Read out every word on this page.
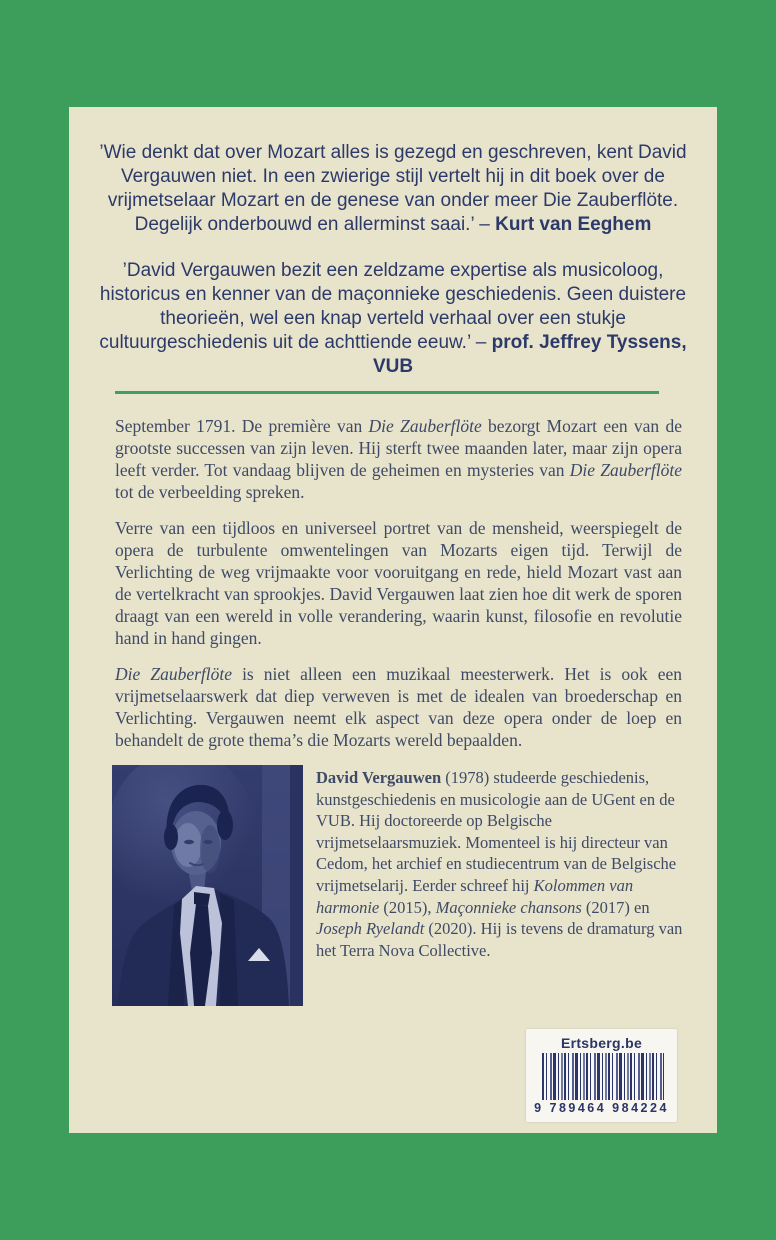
’Wie denkt dat over Mozart alles is gezegd en geschreven, kent David Vergauwen niet. In een zwierige stijl vertelt hij in dit boek over de vrijmetselaar Mozart en de genese van onder meer Die Zauberflöte. Degelijk onderbouwd en allerminst saai.’ – Kurt van Eeghem

’David Vergauwen bezit een zeldzame expertise als musicoloog, historicus en kenner van de maçonnieke geschiedenis. Geen duistere theorieën, wel een knap verteld verhaal over een stukje cultuurgeschiedenis uit de achttiende eeuw.’ – prof. Jeffrey Tyssens, VUB

September 1791. De première van Die Zauberflöte bezorgt Mozart een van de grootste successen van zijn leven. Hij sterft twee maanden later, maar zijn opera leeft verder. Tot vandaag blijven de geheimen en mysteries van Die Zauberflöte tot de verbeelding spreken.

Verre van een tijdloos en universeel portret van de mensheid, weerspiegelt de opera de turbulente omwentelingen van Mozarts eigen tijd. Terwijl de Verlichting de weg vrijmaakte voor vooruitgang en rede, hield Mozart vast aan de vertelkracht van sprookjes. David Vergauwen laat zien hoe dit werk de sporen draagt van een wereld in volle verandering, waarin kunst, filosofie en revolutie hand in hand gingen.

Die Zauberflöte is niet alleen een muzikaal meesterwerk. Het is ook een vrijmetselaarswerk dat diep verweven is met de idealen van broederschap en Verlichting. Vergauwen neemt elk aspect van deze opera onder de loep en behandelt de grote thema’s die Mozarts wereld bepaalden.

David Vergauwen (1978) studeerde geschiedenis, kunstgeschiedenis en musicologie aan de UGent en de VUB. Hij doctoreerde op Belgische vrijmetselaarsmuziek. Momenteel is hij directeur van Cedom, het archief en studiecentrum van de Belgische vrijmetselarij. Eerder schreef hij Kolommen van harmonie (2015), Maçonnieke chansons (2017) en Joseph Ryelandt (2020). Hij is tevens de dramaturg van het Terra Nova Collective.

Ertsberg.be
9 789464 984224
